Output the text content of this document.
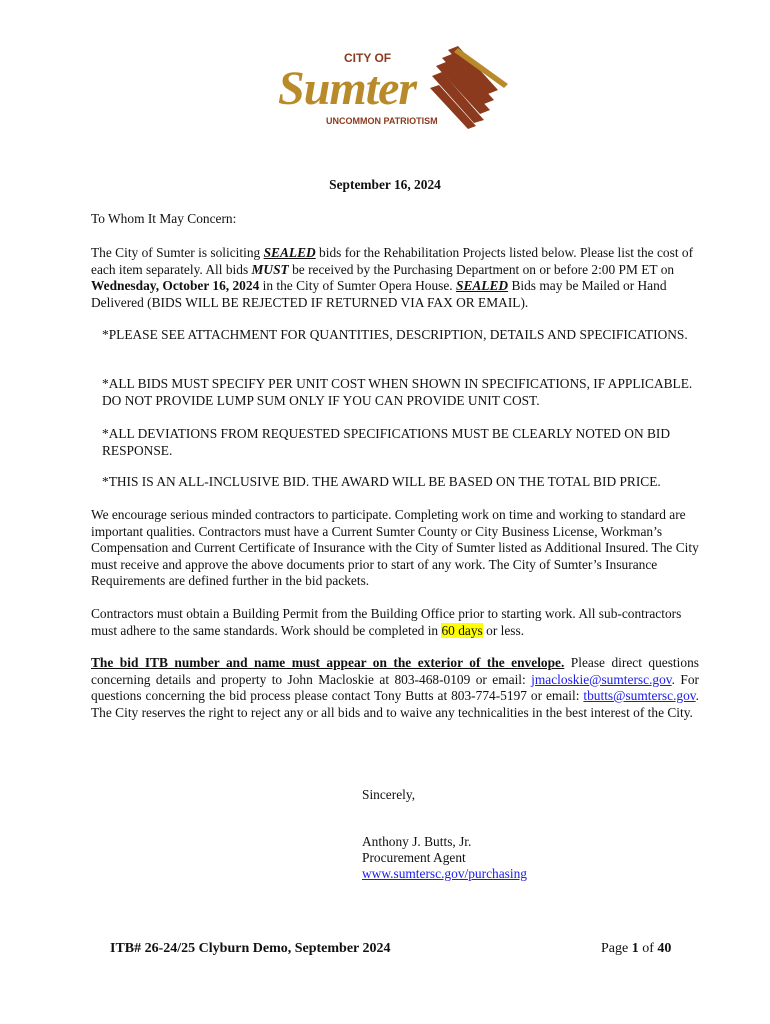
CITY OF
Sumter
UNCOMMON PATRIOTISM

September 16, 2024

To Whom It May Concern:

The City of Sumter is soliciting SEALED bids for the Rehabilitation Projects listed below. Please list the cost of each item separately. All bids MUST be received by the Purchasing Department on or before 2:00 PM ET on Wednesday, October 16, 2024 in the City of Sumter Opera House. SEALED Bids may be Mailed or Hand Delivered (BIDS WILL BE REJECTED IF RETURNED VIA FAX OR EMAIL).

*PLEASE SEE ATTACHMENT FOR QUANTITIES, DESCRIPTION, DETAILS AND SPECIFICATIONS.

*ALL BIDS MUST SPECIFY PER UNIT COST WHEN SHOWN IN SPECIFICATIONS, IF APPLICABLE. DO NOT PROVIDE LUMP SUM ONLY IF YOU CAN PROVIDE UNIT COST.

*ALL DEVIATIONS FROM REQUESTED SPECIFICATIONS MUST BE CLEARLY NOTED ON BID RESPONSE.

*THIS IS AN ALL-INCLUSIVE BID. THE AWARD WILL BE BASED ON THE TOTAL BID PRICE.

We encourage serious minded contractors to participate. Completing work on time and working to standard are important qualities. Contractors must have a Current Sumter County or City Business License, Workman’s Compensation and Current Certificate of Insurance with the City of Sumter listed as Additional Insured. The City must receive and approve the above documents prior to start of any work. The City of Sumter’s Insurance Requirements are defined further in the bid packets.

Contractors must obtain a Building Permit from the Building Office prior to starting work. All sub-contractors must adhere to the same standards. Work should be completed in 60 days or less.

The bid ITB number and name must appear on the exterior of the envelope. Please direct questions concerning details and property to John Macloskie at 803-468-0109 or email: jmacloskie@sumtersc.gov. For questions concerning the bid process please contact Tony Butts at 803-774-5197 or email: tbutts@sumtersc.gov. The City reserves the right to reject any or all bids and to waive any technicalities in the best interest of the City.

Sincerely,

Anthony J. Butts, Jr.

Procurement Agent

www.sumtersc.gov/purchasing

ITB# 26-24/25 Clyburn Demo, September 2024	Page 1 of 40
